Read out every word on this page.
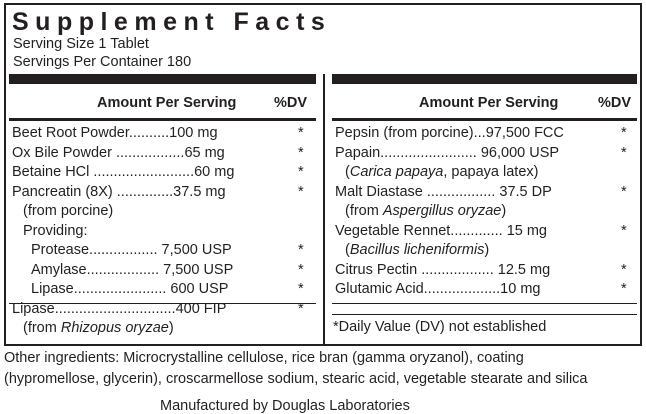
Supplement Facts
Serving Size 1 Tablet
Servings Per Container 180
Amount Per Serving	%DV	Amount Per Serving	%DV
Beet Root Powder..........100 mg	*
Ox Bile Powder .................65 mg	*
Betaine HCl .........................60 mg	*
Pancreatin (8X) ..............37.5 mg	*
(from porcine)
Providing:
Protease................. 7,500 USP	*
Amylase.................. 7,500 USP	*
Lipase....................... 600 USP	*
Lipase..............................400 FIP	*
(from Rhizopus oryzae)
Pepsin (from porcine)...97,500 FCC	*
Papain........................ 96,000 USP	*
(Carica papaya, papaya latex)
Malt Diastase ................. 37.5 DP	*
(from Aspergillus oryzae)
Vegetable Rennet............. 15 mg	*
(Bacillus licheniformis)
Citrus Pectin .................. 12.5 mg	*
Glutamic Acid...................10 mg	*
*Daily Value (DV) not established
Other ingredients: Microcrystalline cellulose, rice bran (gamma oryzanol), coating
(hypromellose, glycerin), croscarmellose sodium, stearic acid, vegetable stearate and silica
Manufactured by Douglas Laboratories
